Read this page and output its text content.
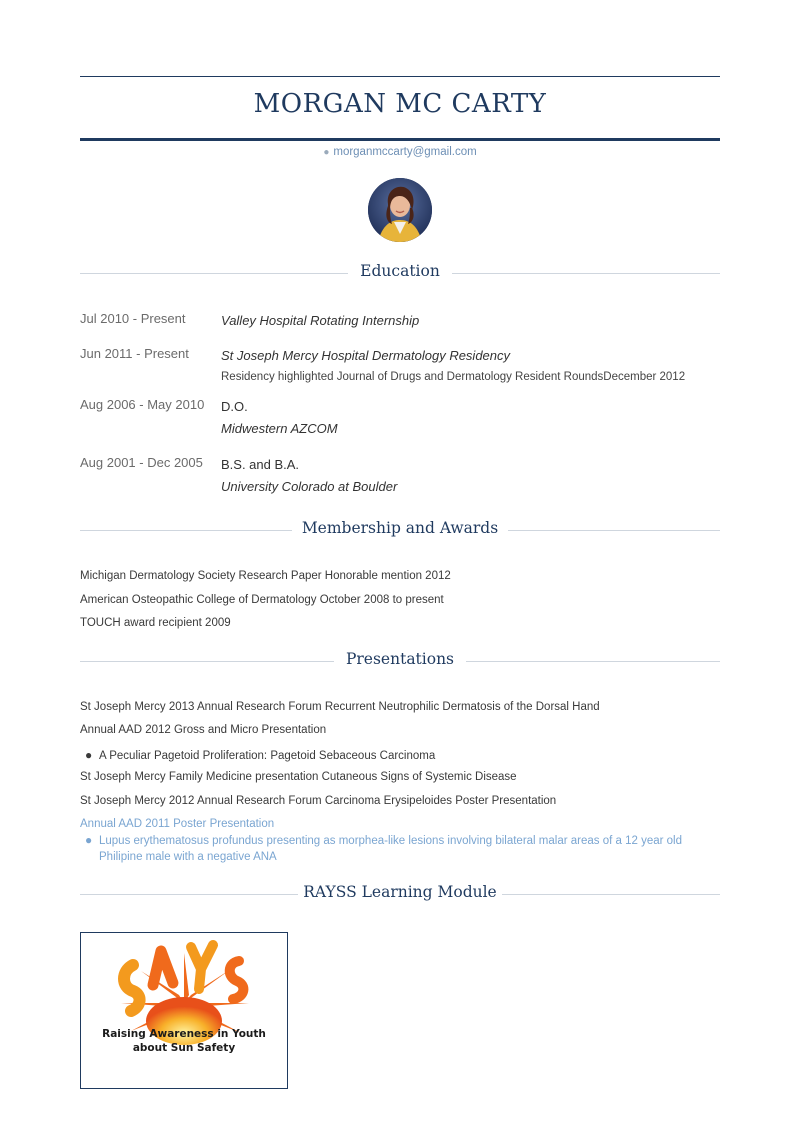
MORGAN MC CARTY
● morganmccarty@gmail.com
Education
Jul 2010 - Present	Valley Hospital Rotating Internship
Jun 2011 - Present St Joseph Mercy Hospital Dermatology Residency
Residency highlighted Journal of Drugs and Dermatology Resident RoundsDecember 2012
Aug 2006 - May 2010 D.O.
Midwestern AZCOM
Aug 2001 - Dec 2005 B.S. and B.A.
University Colorado at Boulder
Membership and Awards
Michigan Dermatology Society Research Paper Honorable mention 2012
American Osteopathic College of Dermatology October 2008 to present
TOUCH award recipient 2009
Presentations
St Joseph Mercy 2013 Annual Research Forum Recurrent Neutrophilic Dermatosis of the Dorsal Hand
Annual AAD 2012 Gross and Micro Presentation
● A Peculiar Pagetoid Proliferation: Pagetoid Sebaceous Carcinoma
St Joseph Mercy Family Medicine presentation Cutaneous Signs of Systemic Disease
St Joseph Mercy 2012 Annual Research Forum Carcinoma Erysipeloides Poster Presentation
Annual AAD 2011 Poster Presentation
● Lupus erythematosus profundus presenting as morphea-like lesions involving bilateral malar areas of a 12 year old
Philipine male with a negative ANA
RAYSS Learning Module
Raising Awareness in Youth
about Sun Safety
